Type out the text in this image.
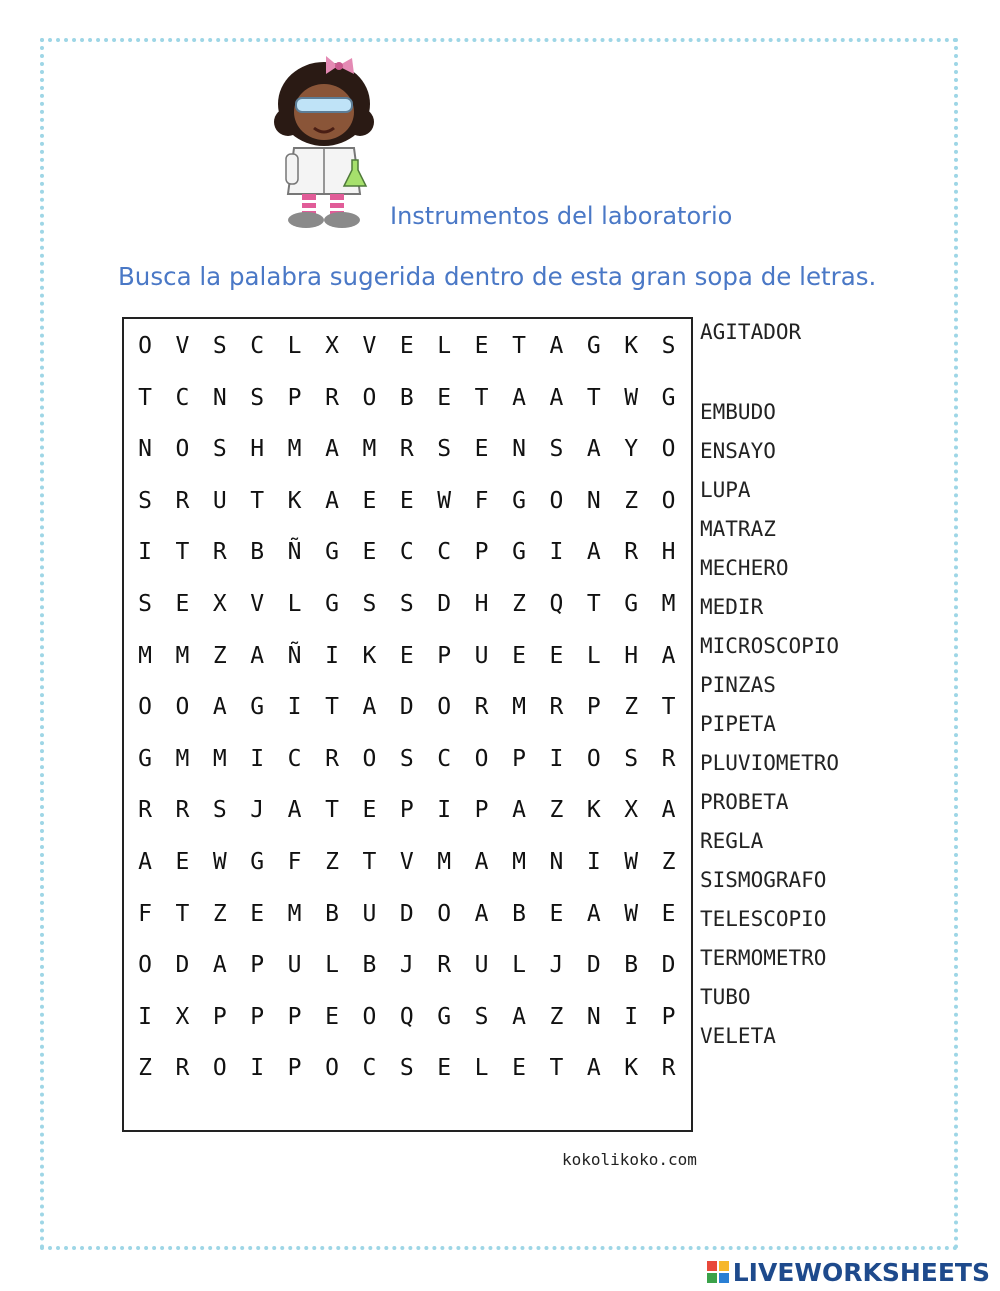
Instrumentos del laboratorio
Busca la palabra sugerida dentro de esta gran sopa de letras.
O	V	S	C	L	X	V	E	L	E	T	A	G	K	S
T	C	N	S	P	R	O	B	E	T	A	A	T	W	G
N	O	S	H	M	A	M	R	S	E	N	S	A	Y	O
S	R	U	T	K	A	E	E	W	F	G	O	N	Z	O
I	T	R	B	Ñ	G	E	C	C	P	G	I	A	R	H
S	E	X	V	L	G	S	S	D	H	Z	Q	T	G	M
M	M	Z	A	Ñ	I	K	E	P	U	E	E	L	H	A
O	O	A	G	I	T	A	D	O	R	M	R	P	Z	T
G	M	M	I	C	R	O	S	C	O	P	I	O	S	R
R	R	S	J	A	T	E	P	I	P	A	Z	K	X	A
A	E	W	G	F	Z	T	V	M	A	M	N	I	W	Z
F	T	Z	E	M	B	U	D	O	A	B	E	A	W	E
O	D	A	P	U	L	B	J	R	U	L	J	D	B	D
I	X	P	P	P	E	O	Q	G	S	A	Z	N	I	P
Z	R	O	I	P	O	C	S	E	L	E	T	A	K	R
kokolikoko.com
AGITADOR
EMBUDO
ENSAYO
LUPA
MATRAZ
MECHERO
MEDIR
MICROSCOPIO
PINZAS
PIPETA
PLUVIOMETRO
PROBETA
REGLA
SISMOGRAFO
TELESCOPIO
TERMOMETRO
TUBO
VELETA
LIVEWORKSHEETS
